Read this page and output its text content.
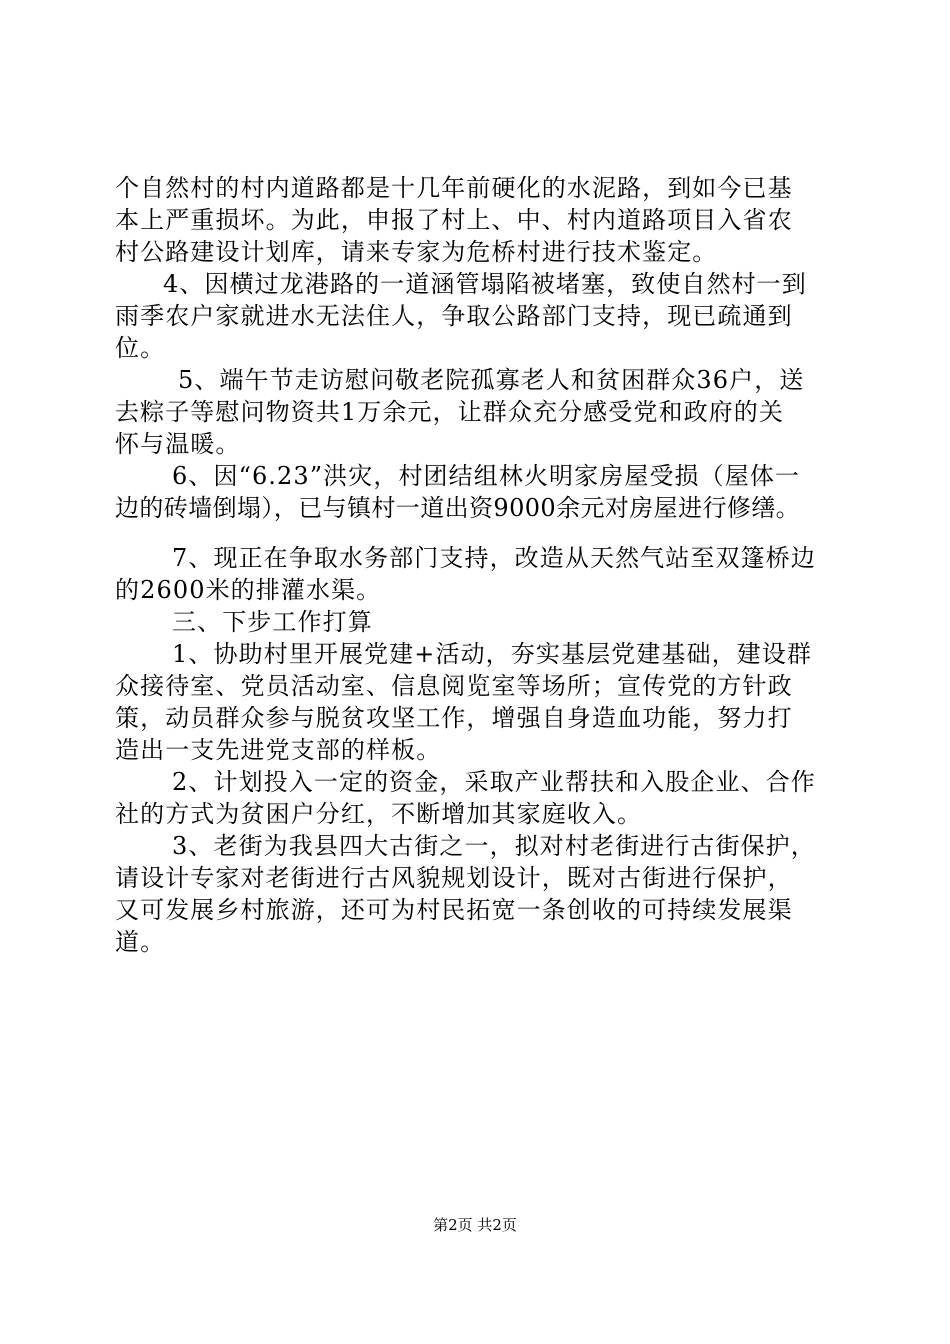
个自然村的村内道路都是十几年前硬化的水泥路，到如今已基
本上严重损坏。为此，申报了村上、中、村内道路项目入省农
村公路建设计划库，请来专家为危桥村进行技术鉴定。
4、因横过龙港路的一道涵管塌陷被堵塞，致使自然村一到
雨季农户家就进水无法住人，争取公路部门支持，现已疏通到
位。
5、端午节走访慰问敬老院孤寡老人和贫困群众36户，送
去粽子等慰问物资共1万余元，让群众充分感受党和政府的关
怀与温暖。
6、因“6.23”洪灾，村团结组林火明家房屋受损（屋体一
边的砖墙倒塌），已与镇村一道出资9000余元对房屋进行修缮。
7、现正在争取水务部门支持，改造从天然气站至双篷桥边
的2600米的排灌水渠。
三、下步工作打算
1、协助村里开展党建+活动，夯实基层党建基础，建设群
众接待室、党员活动室、信息阅览室等场所；宣传党的方针政
策，动员群众参与脱贫攻坚工作，增强自身造血功能，努力打
造出一支先进党支部的样板。
2、计划投入一定的资金，采取产业帮扶和入股企业、合作
社的方式为贫困户分红，不断增加其家庭收入。
3、老街为我县四大古街之一，拟对村老街进行古街保护，
请设计专家对老街进行古风貌规划设计，既对古街进行保护，
又可发展乡村旅游，还可为村民拓宽一条创收的可持续发展渠
道。
第2页 共2页
